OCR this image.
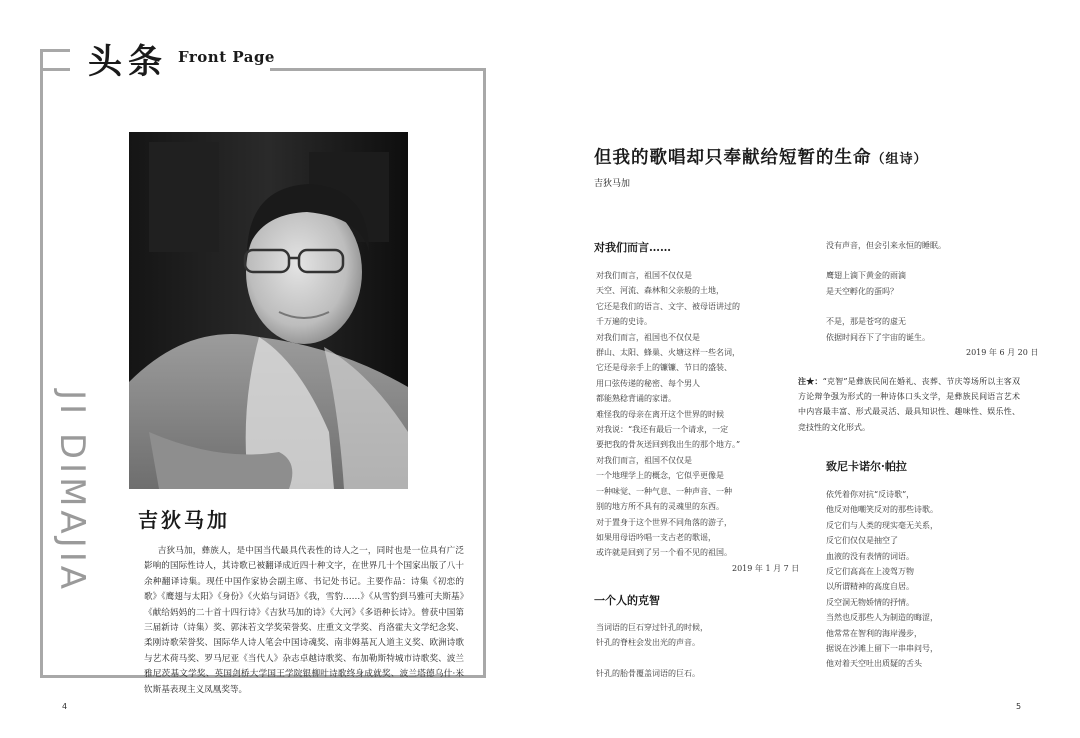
头条 Front Page
JI DIMAJIA 吉狄马加
吉狄马加，彝族人，是中国当代最具代表性的诗人之一，同时也是一位具有广泛影响的国际性诗人，其诗歌已被翻译成近四十种文字，在世界几十个国家出版了八十余种翻译诗集。现任中国作家协会副主席、书记处书记。主要作品：诗集《初恋的歌》《鹰翅与太阳》《身份》《火焰与词语》《我，雪豹……》《从雪豹到马雅可夫斯基》《献给妈妈的二十首十四行诗》《吉狄马加的诗》《大河》《多语种长诗》。曾获中国第三届新诗（诗集）奖、郭沫若文学奖荣誉奖、庄重文文学奖、肖洛霍夫文学纪念奖、柔刚诗歌荣誉奖、国际华人诗人笔会中国诗魂奖、南非姆基瓦人道主义奖、欧洲诗歌与艺术荷马奖、罗马尼亚《当代人》杂志卓越诗歌奖、布加勒斯特城市诗歌奖、波兰雅尼茨基文学奖、英国剑桥大学国王学院银柳叶诗歌终身成就奖、波兰塔德乌什·米钦斯基表现主义凤凰奖等。
4
但我的歌唱却只奉献给短暂的生命（组诗）
吉狄马加
对我们而言……
对我们而言，祖国不仅仅是
天空、河流、森林和父亲般的土地，
它还是我们的语言、文字、被母语讲过的
千万遍的史诗。
对我们而言，祖国也不仅仅是
群山、太阳、蜂巢、火塘这样一些名词，
它还是母亲手上的镰镰、节日的盛装、
用口弦传递的秘密、每个男人
都能熟稔背诵的家谱。
难怪我的母亲在离开这个世界的时候
对我说：“我还有最后一个请求，一定
要把我的骨灰送回到我出生的那个地方。”
对我们而言，祖国不仅仅是
一个地理学上的概念，它似乎更像是
一种味觉、一种气息、一种声音、一种
别的地方所不具有的灵魂里的东西。
对于置身于这个世界不同角落的游子，
如果用母语吟唱一支古老的歌谣，
或许就是回到了另一个看不见的祖国。
2019 年 1 月 7 日
一个人的克智
当词语的巨石穿过针孔的时候，
针孔的脊柱会发出光的声音。
针孔的胎骨覆盖词语的巨石。
没有声音，但会引来永恒的睡眠。
鹰翅上滴下黄金的雨滴
是天空孵化的蛋吗？
不是，那是苍穹的虚无
依据时间吞下了宇宙的诞生。
2019 年 6 月 20 日
注★：“克智”是彝族民间在婚礼、丧葬、节庆等场所以主客双方论辩争强为形式的一种诗体口头文学，是彝族民间语言艺术中内容最丰富、形式最灵活、最具知识性、趣味性、娱乐性、竞技性的文化形式。
致尼卡诺尔·帕拉
依凭着你对抗“反诗歌”，
他反对他嘲笑反对的那些诗歌。
反它们与人类的现实毫无关系，
反它们仅仅是抽空了
血液的没有表情的词语。
反它们高高在上凌驾万物
以所谓精神的高度自居。
反空洞无物娇情的抒情。
当然也反那些人为制造的晦涩，
他常常在智利的海岸漫步，
据说在沙滩上留下一串串问号，
他对着天空吐出质疑的舌头
5
